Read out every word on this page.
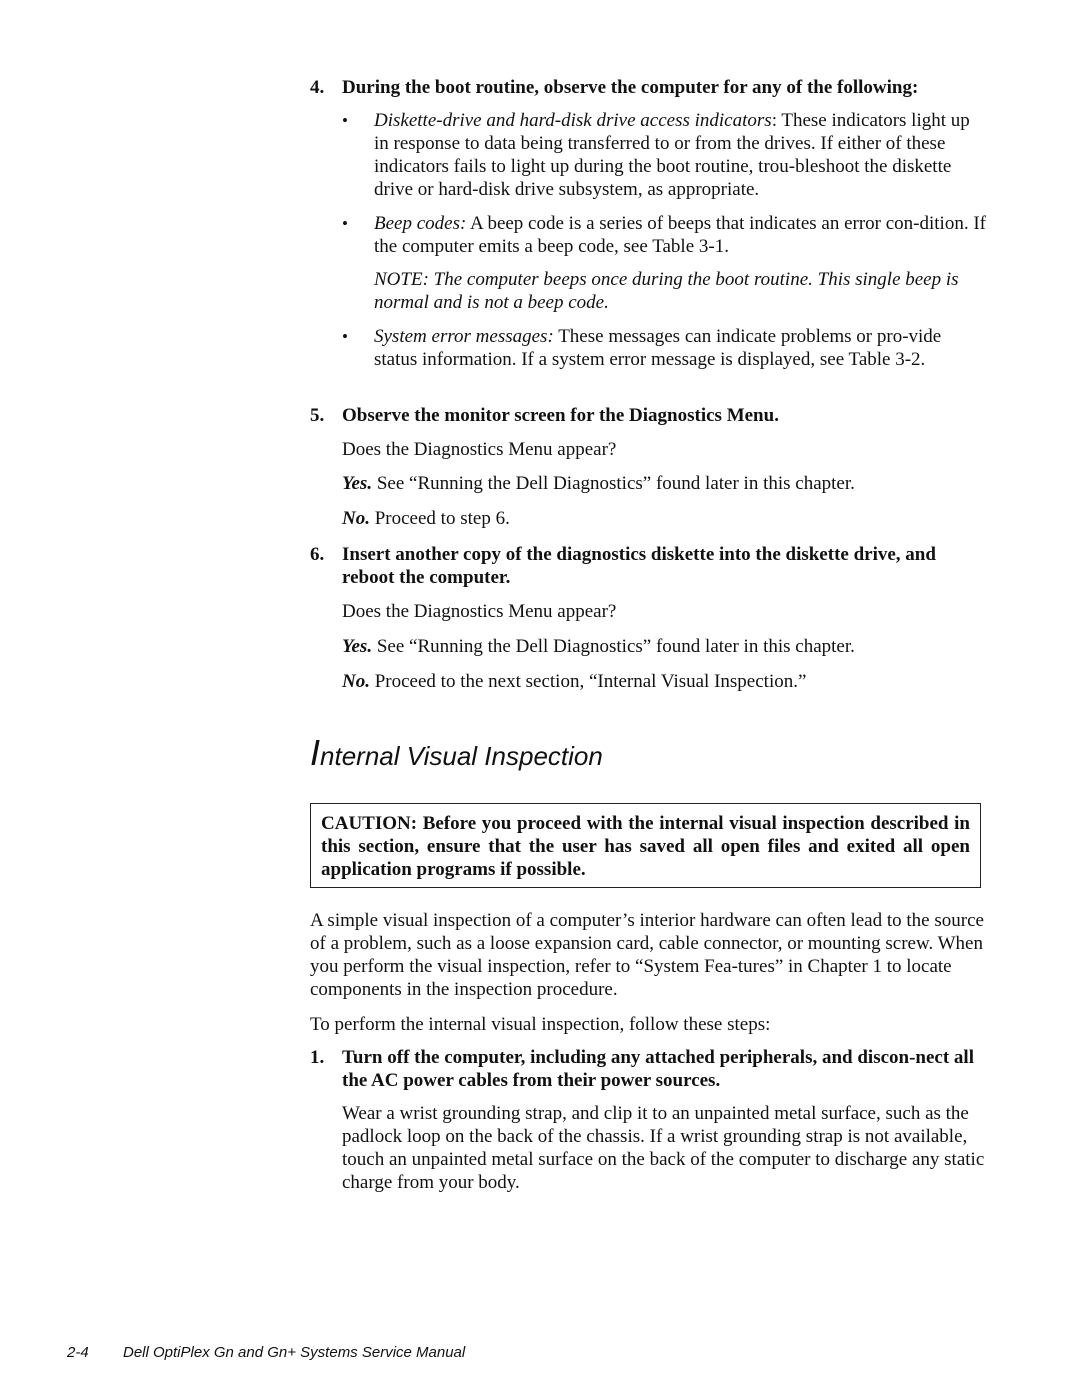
4. During the boot routine, observe the computer for any of the following:
• Diskette-drive and hard-disk drive access indicators: These indicators light up in response to data being transferred to or from the drives. If either of these indicators fails to light up during the boot routine, trou-bleshoot the diskette drive or hard-disk drive subsystem, as appropriate.
• Beep codes: A beep code is a series of beeps that indicates an error con-dition. If the computer emits a beep code, see Table 3-1.
NOTE: The computer beeps once during the boot routine. This single beep is normal and is not a beep code.
• System error messages: These messages can indicate problems or pro-vide status information. If a system error message is displayed, see Table 3-2.
5. Observe the monitor screen for the Diagnostics Menu.
Does the Diagnostics Menu appear?
Yes. See “Running the Dell Diagnostics” found later in this chapter.
No. Proceed to step 6.
6. Insert another copy of the diagnostics diskette into the diskette drive, and reboot the computer.
Does the Diagnostics Menu appear?
Yes. See “Running the Dell Diagnostics” found later in this chapter.
No. Proceed to the next section, “Internal Visual Inspection.”
Internal Visual Inspection
CAUTION: Before you proceed with the internal visual inspection described in this section, ensure that the user has saved all open files and exited all open application programs if possible.
A simple visual inspection of a computer’s interior hardware can often lead to the source of a problem, such as a loose expansion card, cable connector, or mounting screw. When you perform the visual inspection, refer to “System Fea-tures” in Chapter 1 to locate components in the inspection procedure.
To perform the internal visual inspection, follow these steps:
1. Turn off the computer, including any attached peripherals, and discon-nect all the AC power cables from their power sources.
Wear a wrist grounding strap, and clip it to an unpainted metal surface, such as the padlock loop on the back of the chassis. If a wrist grounding strap is not available, touch an unpainted metal surface on the back of the computer to discharge any static charge from your body.
2-4 Dell OptiPlex Gn and Gn+ Systems Service Manual
